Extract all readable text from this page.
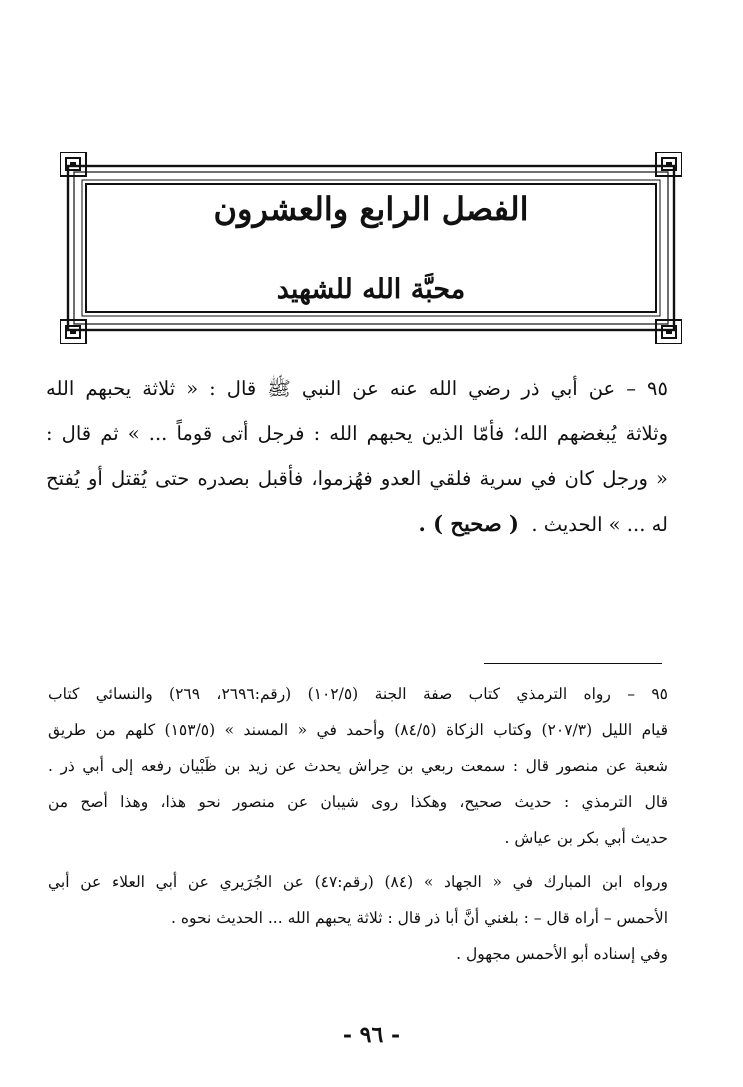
الفصل الرابع والعشرون
محبَّة الله للشهيد

٩٥ – عن أبي ذر رضي الله عنه عن النبي ﷺ قال : « ثلاثة يحبهم الله

وثلاثة يُبغضهم الله؛ فأمّا الذين يحبهم الله : فرجل أتى قوماً ... » ثم قال :

« ورجل كان في سرية فلقي العدو فهُزموا، فأقبل بصدره حتى يُقتل أو يُفتح

له ... » الحديث .  ( صحيح ) .

٩٥ – رواه الترمذي كتاب صفة الجنة (١٠٢/٥) (رقم:٢٦٩٦، ٢٦٩) والنسائي كتاب

قيام الليل (٢٠٧/٣) وكتاب الزكاة (٨٤/٥) وأحمد في « المسند » (١٥٣/٥) كلهم من طريق

شعبة عن منصور قال : سمعت ربعي بن حِراش يحدث عن زيد بن ظَبْيان رفعه إلى أبي ذر .

قال الترمذي : حديث صحيح، وهكذا روى شيبان عن منصور نحو هذا، وهذا أصح من

حديث أبي بكر بن عياش .

ورواه ابن المبارك في « الجهاد » (٨٤) (رقم:٤٧) عن الجُرَيري عن أبي العلاء عن أبي

الأحمس – أراه قال – : بلغني أنَّ أبا ذر قال : ثلاثة يحبهم الله ... الحديث نحوه .

وفي إسناده أبو الأحمس مجهول .

- ٩٦ -
